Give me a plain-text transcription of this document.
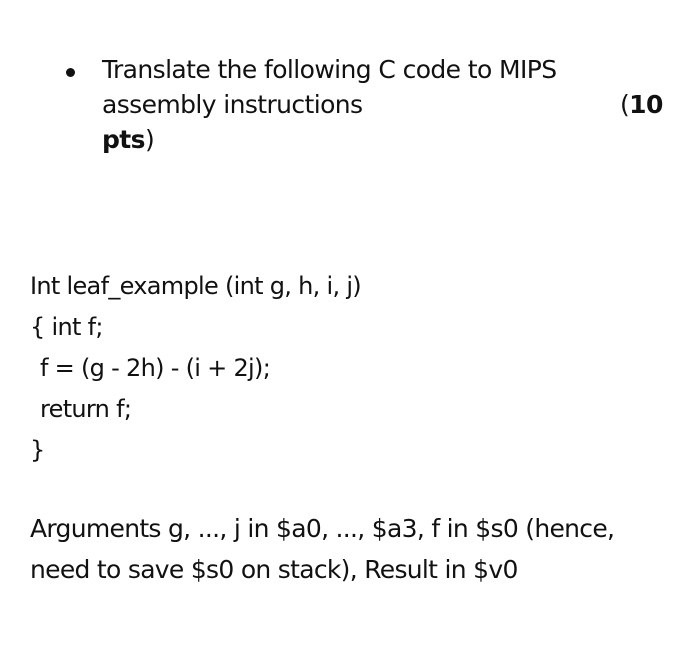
Translate the following C code to MIPS
assembly instructions	(10
pts)
Int leaf_example (int g, h, i, j)
{ int f;
f = (g - 2h) - (i + 2j);
return f;
}
Arguments g, ..., j in $a0, ..., $a3, f in $s0 (hence,
need to save $s0 on stack), Result in $v0
